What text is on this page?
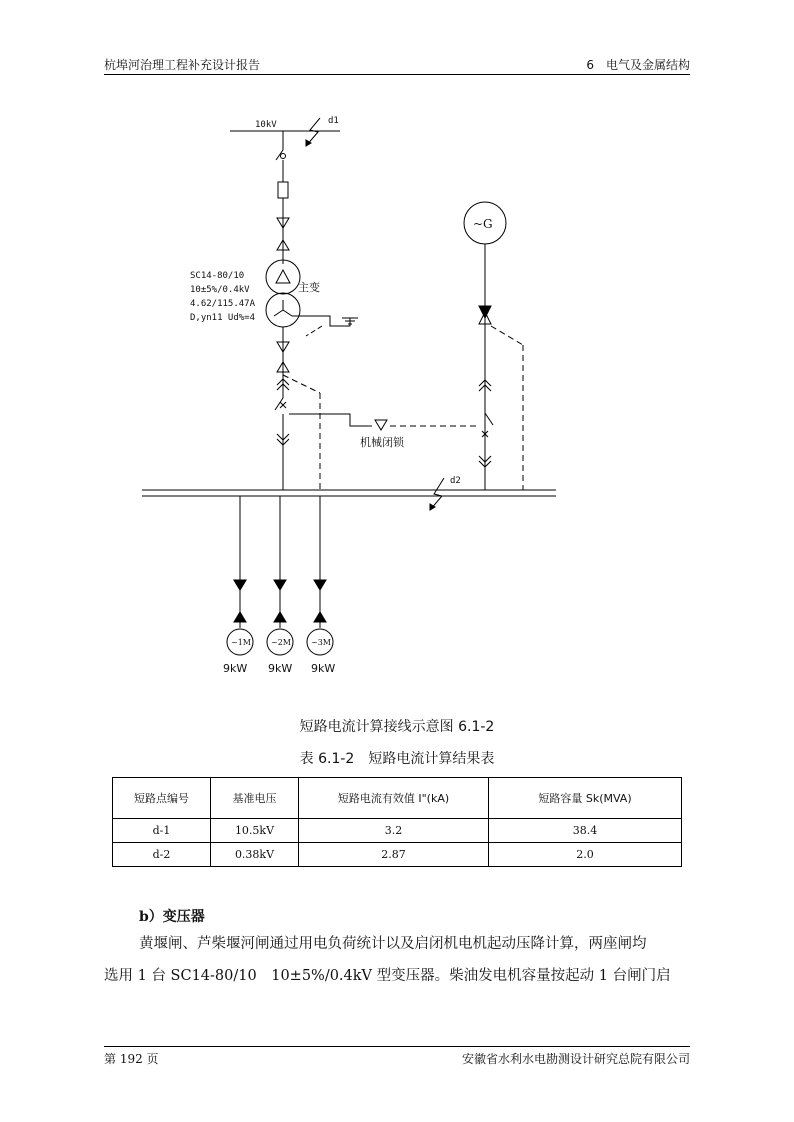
杭埠河治理工程补充设计报告	6　电气及金属结构
10kV	d1
主变
SC14-80/10
10±5%/0.4kV
4.62/115.47A
D,yn11 Ud%=4
机械闭锁
~G
d2
~1M
9kW
~2M
9kW
~3M
9kW
短路电流计算接线示意图 6.1-2
表 6.1-2　短路电流计算结果表
短路点编号	基准电压	短路电流有效值 I"(kA)	短路容量 Sk(MVA)
d-1	10.5kV	3.2	38.4
d-2	0.38kV	2.87	2.0
b）变压器
黄堰闸、芦柴堰河闸通过用电负荷统计以及启闭机电机起动压降计算，两座闸均
选用 1 台 SC14-80/10　10±5%/0.4kV 型变压器。柴油发电机容量按起动 1 台闸门启
第 192 页	安徽省水利水电勘测设计研究总院有限公司
